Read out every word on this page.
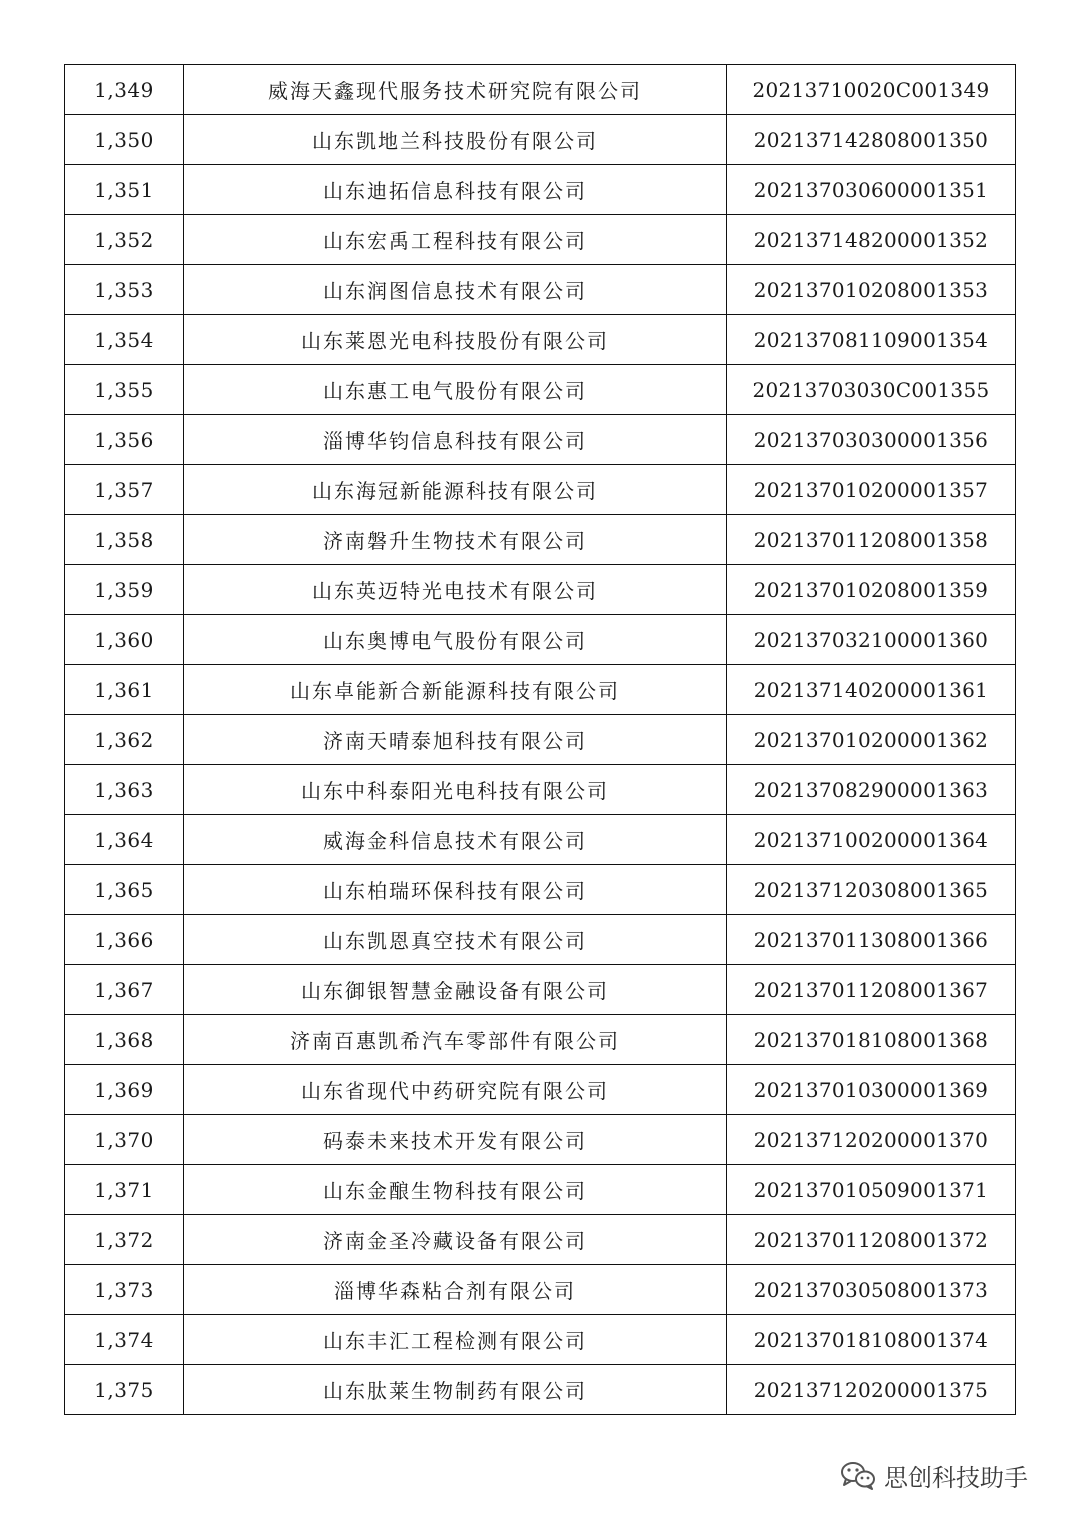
1,349	威海天鑫现代服务技术研究院有限公司	20213710020C001349
1,350	山东凯地兰科技股份有限公司	202137142808001350
1,351	山东迪拓信息科技有限公司	202137030600001351
1,352	山东宏禹工程科技有限公司	202137148200001352
1,353	山东润图信息技术有限公司	202137010208001353
1,354	山东莱恩光电科技股份有限公司	202137081109001354
1,355	山东惠工电气股份有限公司	20213703030C001355
1,356	淄博华钧信息科技有限公司	202137030300001356
1,357	山东海冠新能源科技有限公司	202137010200001357
1,358	济南磐升生物技术有限公司	202137011208001358
1,359	山东英迈特光电技术有限公司	202137010208001359
1,360	山东奥博电气股份有限公司	202137032100001360
1,361	山东卓能新合新能源科技有限公司	202137140200001361
1,362	济南天晴泰旭科技有限公司	202137010200001362
1,363	山东中科泰阳光电科技有限公司	202137082900001363
1,364	威海金科信息技术有限公司	202137100200001364
1,365	山东柏瑞环保科技有限公司	202137120308001365
1,366	山东凯恩真空技术有限公司	202137011308001366
1,367	山东御银智慧金融设备有限公司	202137011208001367
1,368	济南百惠凯希汽车零部件有限公司	202137018108001368
1,369	山东省现代中药研究院有限公司	202137010300001369
1,370	码泰未来技术开发有限公司	202137120200001370
1,371	山东金酿生物科技有限公司	202137010509001371
1,372	济南金圣冷藏设备有限公司	202137011208001372
1,373	淄博华森粘合剂有限公司	202137030508001373
1,374	山东丰汇工程检测有限公司	202137018108001374
1,375	山东肽莱生物制药有限公司	202137120200001375
思创科技助手
